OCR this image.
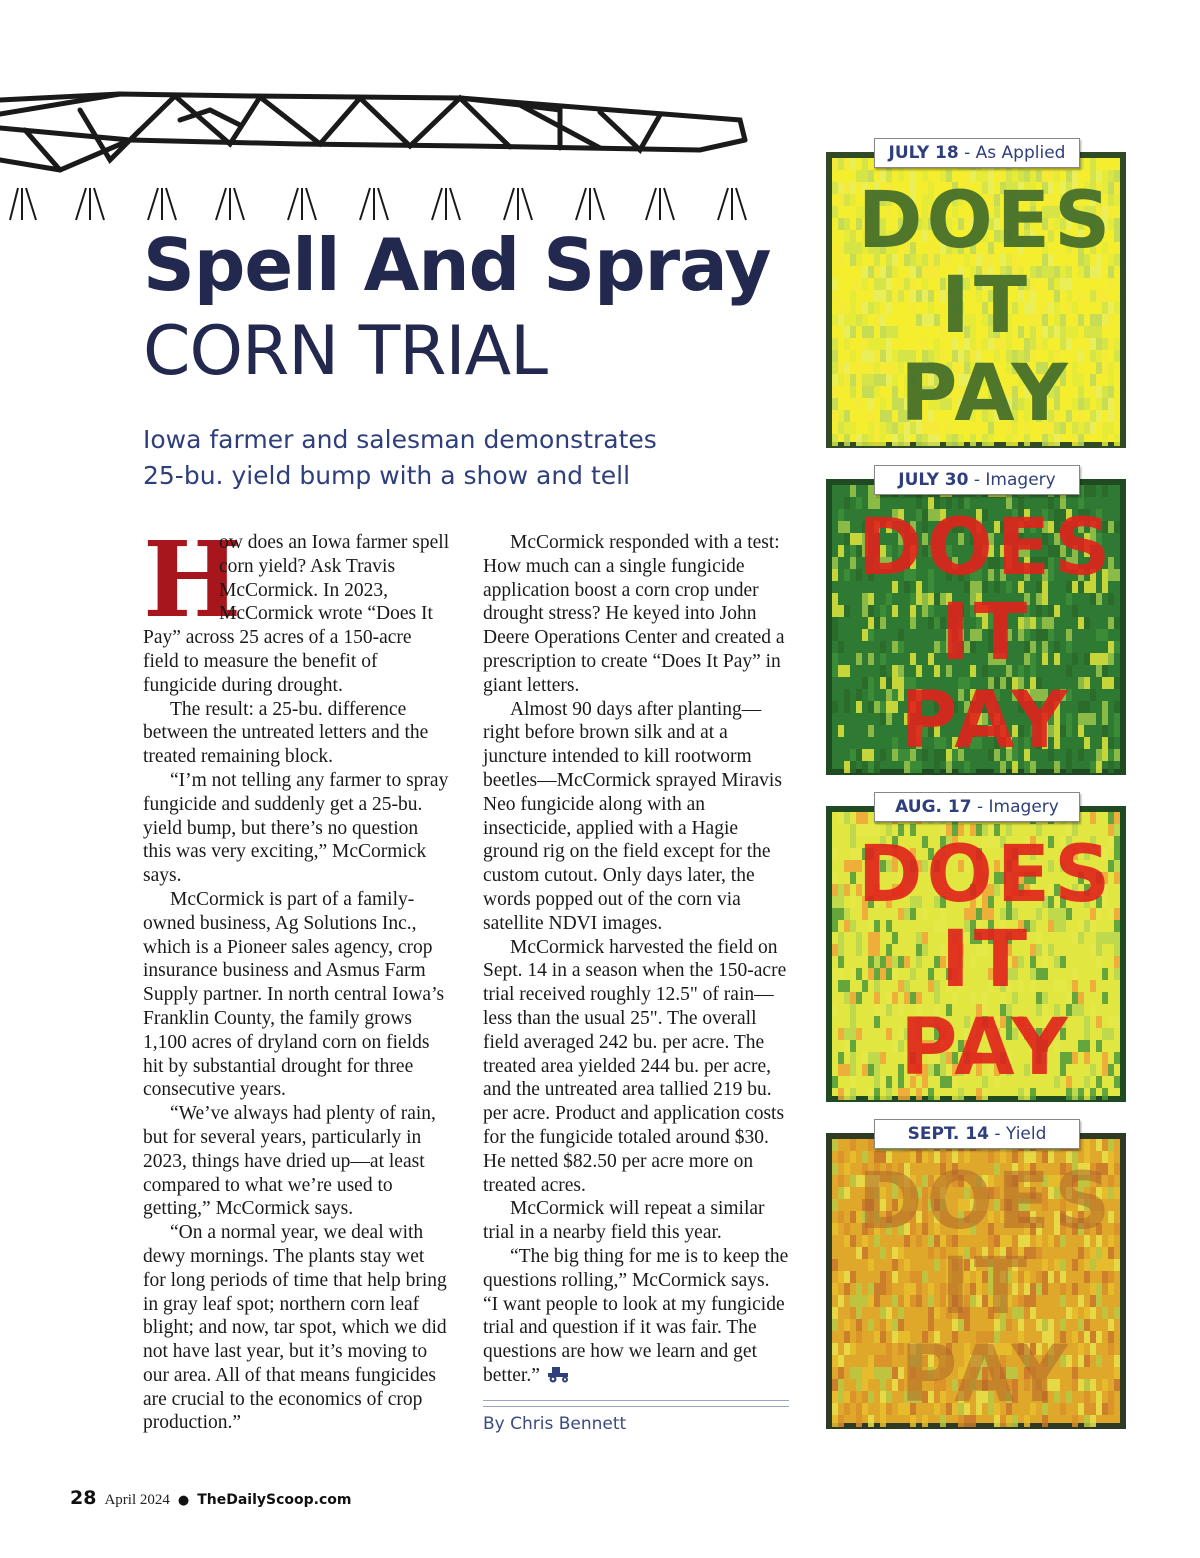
Spell And Spray
CORN TRIAL

Iowa farmer and salesman demonstrates 25-bu. yield bump with a show and tell

H

ow does an Iowa farmer spell corn yield? Ask Travis McCormick. In 2023, McCormick wrote “Does It Pay” across 25 acres of a 150-acre field to measure the benefit of fungicide during drought.

The result: a 25-bu. difference between the untreated letters and the treated remaining block.

“I’m not telling any farmer to spray fungicide and suddenly get a 25-bu. yield bump, but there’s no question this was very exciting,” McCormick says.

McCormick is part of a family-owned business, Ag Solutions Inc., which is a Pioneer sales agency, crop insurance business and Asmus Farm Supply partner. In north central Iowa’s Franklin County, the family grows 1,100 acres of dryland corn on fields hit by substantial drought for three consecutive years.

“We’ve always had plenty of rain, but for several years, particularly in 2023, things have dried up—at least compared to what we’re used to getting,” McCormick says.

“On a normal year, we deal with dewy mornings. The plants stay wet for long periods of time that help bring in gray leaf spot; northern corn leaf blight; and now, tar spot, which we did not have last year, but it’s moving to our area. All of that means fungicides are crucial to the economics of crop production.”

McCormick responded with a test: How much can a single fungicide application boost a corn crop under drought stress? He keyed into John Deere Operations Center and created a prescription to create “Does It Pay” in giant letters.

Almost 90 days after planting—right before brown silk and at a juncture intended to kill rootworm beetles—McCormick sprayed Miravis Neo fungicide along with an insecticide, applied with a Hagie ground rig on the field except for the custom cutout. Only days later, the words popped out of the corn via satellite NDVI images.

McCormick harvested the field on Sept. 14 in a season when the 150-acre trial received roughly 12.5" of rain—less than the usual 25". The overall field averaged 242 bu. per acre. The treated area yielded 244 bu. per acre, and the untreated area tallied 219 bu. per acre. Product and application costs for the fungicide totaled around $30. He netted $82.50 per acre more on treated acres.

McCormick will repeat a similar trial in a nearby field this year.

“The big thing for me is to keep the questions rolling,” McCormick says. “I want people to look at my fungicide trial and question if it was fair. The questions are how we learn and get better.”

By Chris Bennett
DOES
IT
PAY
JULY 18 - As Applied
DOES
IT
PAY
JULY 30 - Imagery
DOES
IT
PAY
AUG. 17 - Imagery
DOES
IT
PAY
SEPT. 14 - Yield
28 April 2024 ● TheDailyScoop.com
